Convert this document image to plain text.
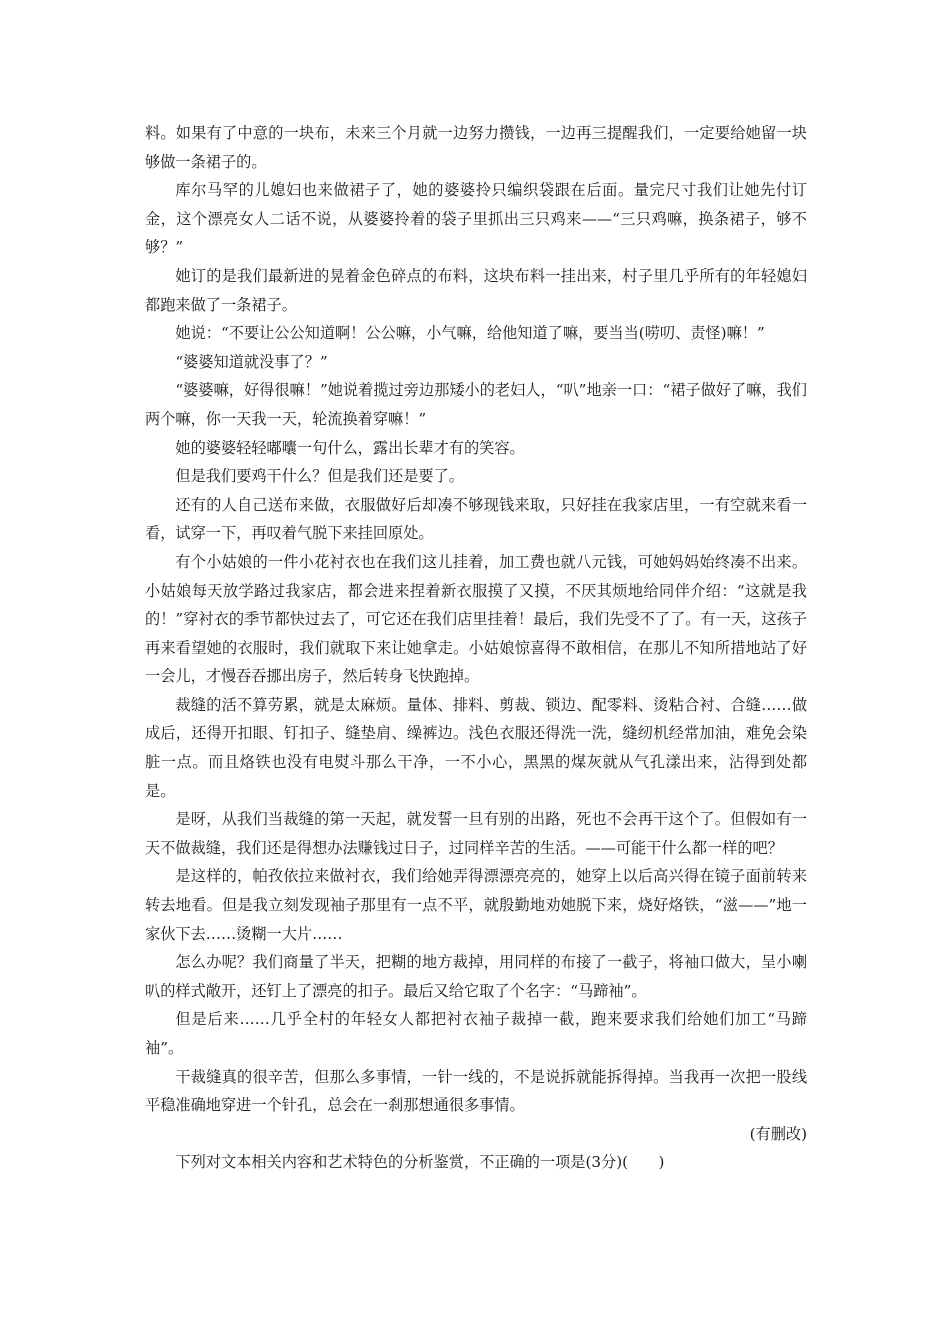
料。如果有了中意的一块布，未来三个月就一边努力攒钱，一边再三提醒我们，一定要给她留一块够做一条裙子的。

库尔马罕的儿媳妇也来做裙子了，她的婆婆拎只编织袋跟在后面。量完尺寸我们让她先付订金，这个漂亮女人二话不说，从婆婆拎着的袋子里抓出三只鸡来——“三只鸡嘛，换条裙子，够不够？”

她订的是我们最新进的晃着金色碎点的布料，这块布料一挂出来，村子里几乎所有的年轻媳妇都跑来做了一条裙子。

她说：“不要让公公知道啊！公公嘛，小气嘛，给他知道了嘛，要当当(唠叨、责怪)嘛！”

“婆婆知道就没事了？”

“婆婆嘛，好得很嘛！”她说着揽过旁边那矮小的老妇人，“叭”地亲一口：“裙子做好了嘛，我们两个嘛，你一天我一天，轮流换着穿嘛！”

她的婆婆轻轻嘟囔一句什么，露出长辈才有的笑容。

但是我们要鸡干什么？但是我们还是要了。

还有的人自己送布来做，衣服做好后却凑不够现钱来取，只好挂在我家店里，一有空就来看一看，试穿一下，再叹着气脱下来挂回原处。

有个小姑娘的一件小花衬衣也在我们这儿挂着，加工费也就八元钱，可她妈妈始终凑不出来。小姑娘每天放学路过我家店，都会进来捏着新衣服摸了又摸，不厌其烦地给同伴介绍：“这就是我的！”穿衬衣的季节都快过去了，可它还在我们店里挂着！最后，我们先受不了了。有一天，这孩子再来看望她的衣服时，我们就取下来让她拿走。小姑娘惊喜得不敢相信，在那儿不知所措地站了好一会儿，才慢吞吞挪出房子，然后转身飞快跑掉。

裁缝的活不算劳累，就是太麻烦。量体、排料、剪裁、锁边、配零料、烫粘合衬、合缝……做成后，还得开扣眼、钉扣子、缝垫肩、缲裤边。浅色衣服还得洗一洗，缝纫机经常加油，难免会染脏一点。而且烙铁也没有电熨斗那么干净，一不小心，黑黑的煤灰就从气孔漾出来，沾得到处都是。

是呀，从我们当裁缝的第一天起，就发誓一旦有别的出路，死也不会再干这个了。但假如有一天不做裁缝，我们还是得想办法赚钱过日子，过同样辛苦的生活。——可能干什么都一样的吧？

是这样的，帕孜依拉来做衬衣，我们给她弄得漂漂亮亮的，她穿上以后高兴得在镜子面前转来转去地看。但是我立刻发现袖子那里有一点不平，就殷勤地劝她脱下来，烧好烙铁，“滋——”地一家伙下去……烫糊一大片……

怎么办呢？我们商量了半天，把糊的地方裁掉，用同样的布接了一截子，将袖口做大，呈小喇叭的样式敞开，还钉上了漂亮的扣子。最后又给它取了个名字：“马蹄袖”。

但是后来……几乎全村的年轻女人都把衬衣袖子裁掉一截，跑来要求我们给她们加工“马蹄袖”。

干裁缝真的很辛苦，但那么多事情，一针一线的，不是说拆就能拆得掉。当我再一次把一股线平稳准确地穿进一个针孔，总会在一刹那想通很多事情。

(有删改)

下列对文本相关内容和艺术特色的分析鉴赏，不正确的一项是(3分)(　　)
